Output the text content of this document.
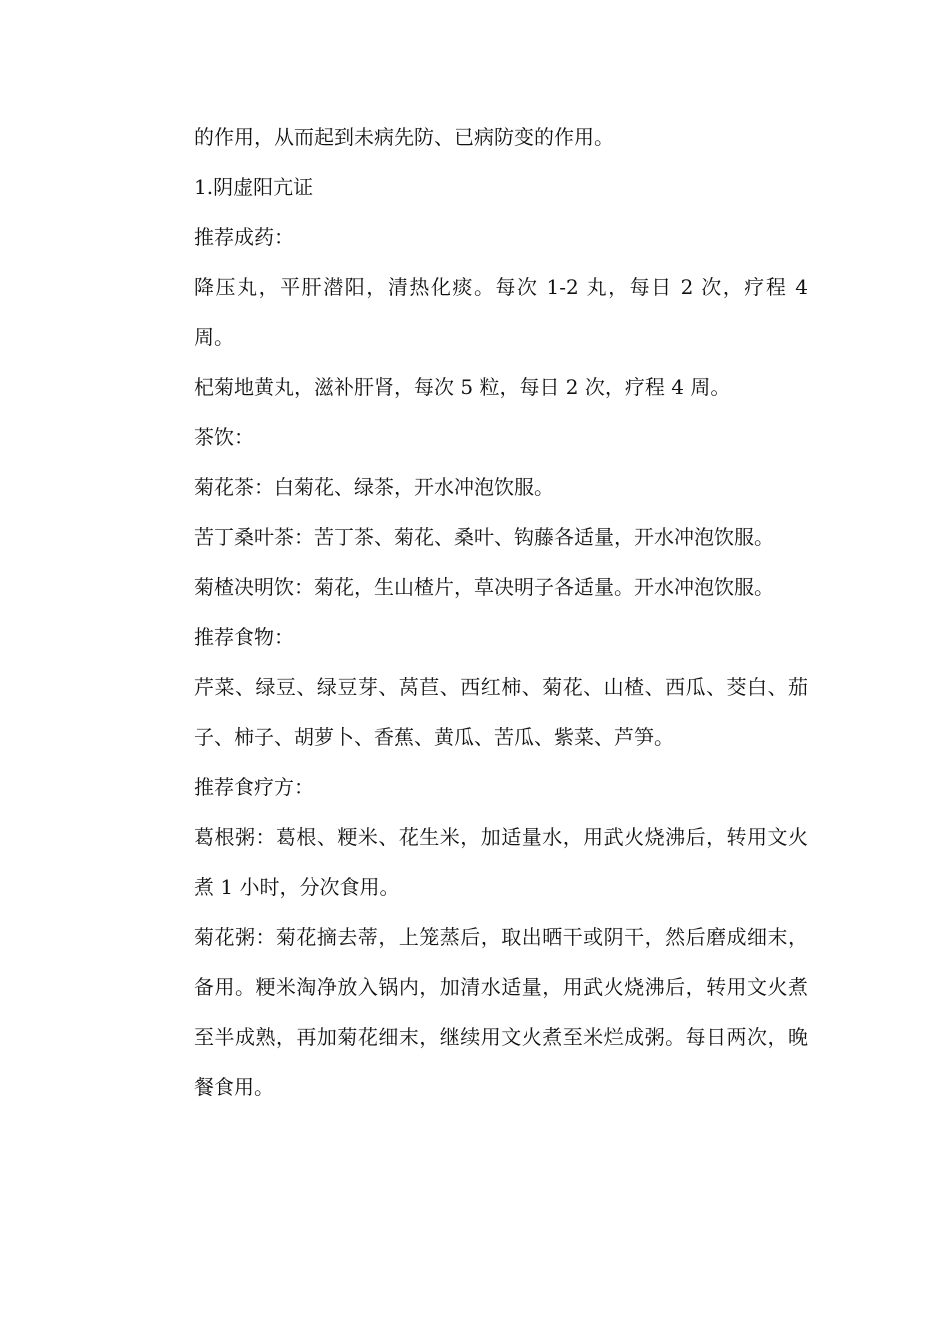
的作用，从而起到未病先防、已病防变的作用。

1.阴虚阳亢证

推荐成药：

降压丸，平肝潜阳，清热化痰。每次 1-2 丸，每日 2 次，疗程 4 周。

杞菊地黄丸，滋补肝肾，每次 5 粒，每日 2 次，疗程 4 周。

茶饮：

菊花茶：白菊花、绿茶，开水冲泡饮服。

苦丁桑叶茶：苦丁茶、菊花、桑叶、钩藤各适量，开水冲泡饮服。

菊楂决明饮：菊花，生山楂片，草决明子各适量。开水冲泡饮服。

推荐食物：

芹菜、绿豆、绿豆芽、莴苣、西红柿、菊花、山楂、西瓜、茭白、茄子、柿子、胡萝卜、香蕉、黄瓜、苦瓜、紫菜、芦笋。

推荐食疗方：

葛根粥：葛根、粳米、花生米，加适量水，用武火烧沸后，转用文火煮 1 小时，分次食用。

菊花粥：菊花摘去蒂，上笼蒸后，取出晒干或阴干，然后磨成细末，备用。粳米淘净放入锅内，加清水适量，用武火烧沸后，转用文火煮至半成熟，再加菊花细末，继续用文火煮至米烂成粥。每日两次，晚餐食用。
